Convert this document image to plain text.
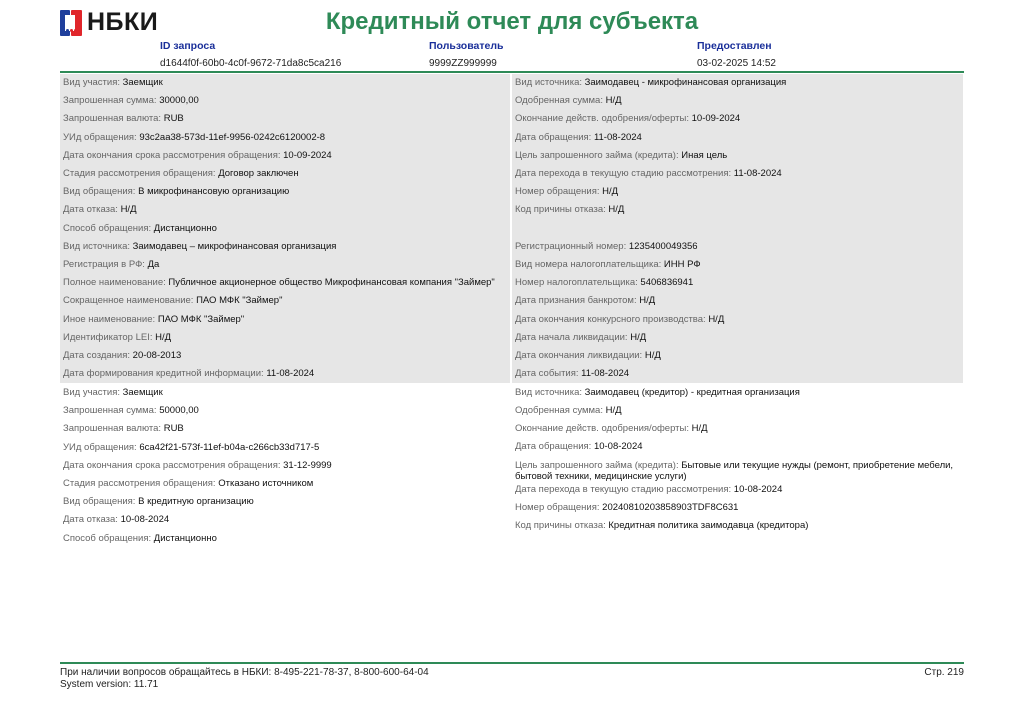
НБКИ	Кредитный отчет для субъекта
ID запроса
d1644f0f-60b0-4c0f-9672-71da8c5ca216
Пользователь
9999ZZ999999
Предоставлен
03-02-2025 14:52
Вид участия: Заемщик
Запрошенная сумма: 30000,00
Запрошенная валюта: RUB
УИд обращения: 93c2aa38-573d-11ef-9956-0242c6120002-8
Дата окончания срока рассмотрения обращения: 10-09-2024
Стадия рассмотрения обращения: Договор заключен
Вид обращения: В микрофинансовую организацию
Дата отказа: Н/Д
Способ обращения: Дистанционно
Вид источника: Заимодавец – микрофинансовая организация
Регистрация в РФ: Да
Полное наименование: Публичное акционерное общество Микрофинансовая компания "Займер"
Сокращенное наименование: ПАО МФК "Займер"
Иное наименование: ПАО МФК "Займер"
Идентификатор LEI: Н/Д
Дата создания: 20-08-2013
Дата формирования кредитной информации: 11-08-2024
Вид источника: Заимодавец - микрофинансовая организация
Одобренная сумма: Н/Д
Окончание действ. одобрения/оферты: 10-09-2024
Дата обращения: 11-08-2024
Цель запрошенного займа (кредита): Иная цель
Дата перехода в текущую стадию рассмотрения: 11-08-2024
Номер обращения: Н/Д
Код причины отказа: Н/Д
Регистрационный номер: 1235400049356
Вид номера налогоплательщика: ИНН РФ
Номер налогоплательщика: 5406836941
Дата признания банкротом: Н/Д
Дата окончания конкурсного производства: Н/Д
Дата начала ликвидации: Н/Д
Дата окончания ликвидации: Н/Д
Дата события: 11-08-2024
Вид участия: Заемщик
Запрошенная сумма: 50000,00
Запрошенная валюта: RUB
УИд обращения: 6ca42f21-573f-11ef-b04a-c266cb33d717-5
Дата окончания срока рассмотрения обращения: 31-12-9999
Стадия рассмотрения обращения: Отказано источником
Вид обращения: В кредитную организацию
Дата отказа: 10-08-2024
Способ обращения: Дистанционно
Вид источника: Заимодавец (кредитор) - кредитная организация
Одобренная сумма: Н/Д
Окончание действ. одобрения/оферты: Н/Д
Дата обращения: 10-08-2024
Цель запрошенного займа (кредита): Бытовые или текущие нужды (ремонт, приобретение мебели, бытовой техники, медицинские услуги)
Дата перехода в текущую стадию рассмотрения: 10-08-2024
Номер обращения: 20240810203858903TDF8C631
Код причины отказа: Кредитная политика заимодавца (кредитора)
При наличии вопросов обращайтесь в НБКИ: 8-495-221-78-37, 8-800-600-64-04
System version: 11.71
Стр. 219
